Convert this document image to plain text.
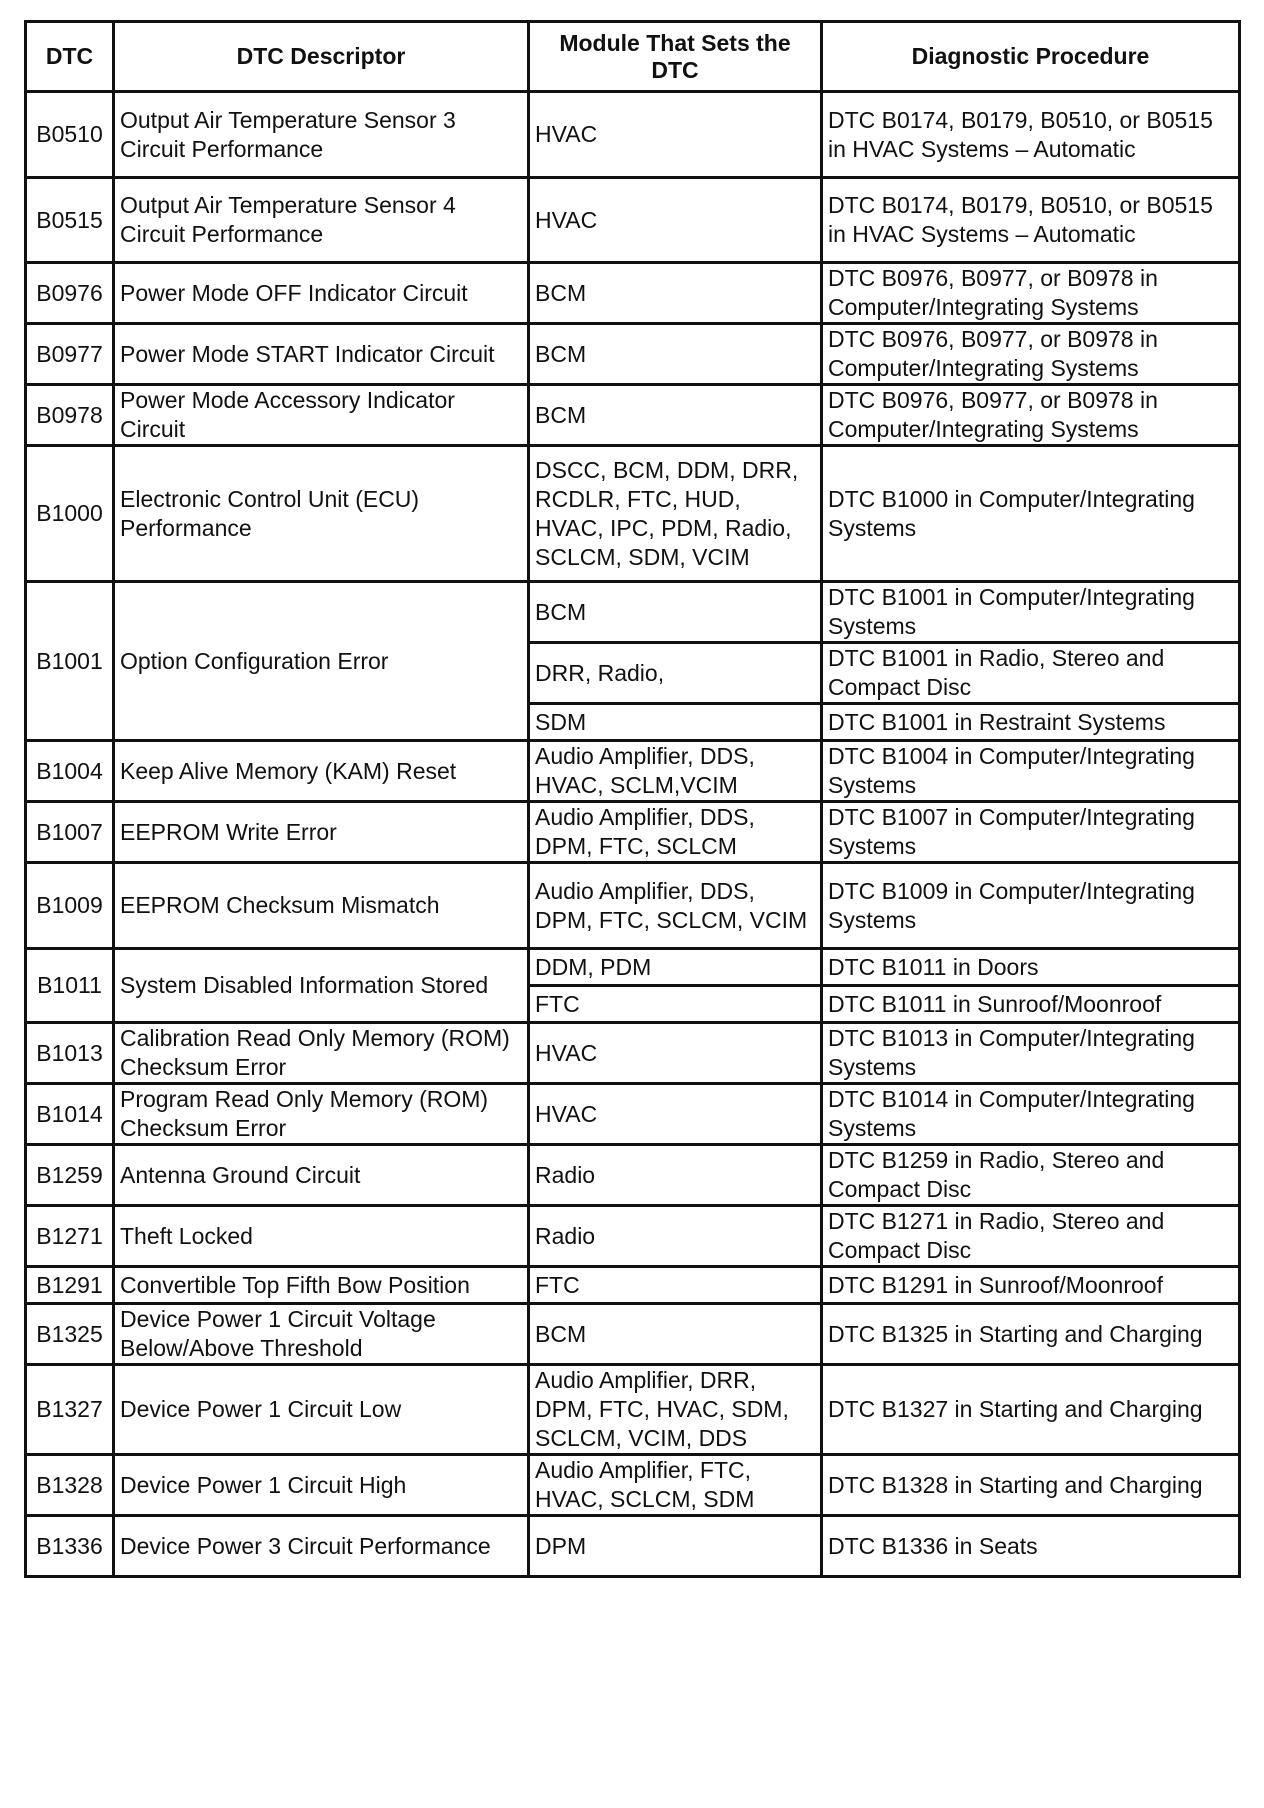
DTC	DTC Descriptor	Module That Sets the DTC	Diagnostic Procedure
B0510	Output Air Temperature Sensor 3 Circuit Performance	HVAC	DTC B0174, B0179, B0510, or B0515 in HVAC Systems – Automatic
B0515	Output Air Temperature Sensor 4 Circuit Performance	HVAC	DTC B0174, B0179, B0510, or B0515 in HVAC Systems – Automatic
B0976	Power Mode OFF Indicator Circuit	BCM	DTC B0976, B0977, or B0978 in Computer/Integrating Systems
B0977	Power Mode START Indicator Circuit	BCM	DTC B0976, B0977, or B0978 in Computer/Integrating Systems
B0978	Power Mode Accessory Indicator Circuit	BCM	DTC B0976, B0977, or B0978 in Computer/Integrating Systems
B1000	Electronic Control Unit (ECU) Performance	DSCC, BCM, DDM, DRR, RCDLR, FTC, HUD, HVAC, IPC, PDM, Radio, SCLCM, SDM, VCIM	DTC B1000 in Computer/Integrating Systems
B1001	Option Configuration Error	BCM	DTC B1001 in Computer/Integrating Systems
		DRR, Radio,	DTC B1001 in Radio, Stereo and Compact Disc
		SDM	DTC B1001 in Restraint Systems
B1004	Keep Alive Memory (KAM) Reset	Audio Amplifier, DDS, HVAC, SCLM,VCIM	DTC B1004 in Computer/Integrating Systems
B1007	EEPROM Write Error	Audio Amplifier, DDS, DPM, FTC, SCLCM	DTC B1007 in Computer/Integrating Systems
B1009	EEPROM Checksum Mismatch	Audio Amplifier, DDS, DPM, FTC, SCLCM, VCIM	DTC B1009 in Computer/Integrating Systems
B1011	System Disabled Information Stored	DDM, PDM	DTC B1011 in Doors
		FTC	DTC B1011 in Sunroof/Moonroof
B1013	Calibration Read Only Memory (ROM) Checksum Error	HVAC	DTC B1013 in Computer/Integrating Systems
B1014	Program Read Only Memory (ROM) Checksum Error	HVAC	DTC B1014 in Computer/Integrating Systems
B1259	Antenna Ground Circuit	Radio	DTC B1259 in Radio, Stereo and Compact Disc
B1271	Theft Locked	Radio	DTC B1271 in Radio, Stereo and Compact Disc
B1291	Convertible Top Fifth Bow Position	FTC	DTC B1291 in Sunroof/Moonroof
B1325	Device Power 1 Circuit Voltage Below/Above Threshold	BCM	DTC B1325 in Starting and Charging
B1327	Device Power 1 Circuit Low	Audio Amplifier, DRR, DPM, FTC, HVAC, SDM, SCLCM, VCIM, DDS	DTC B1327 in Starting and Charging
B1328	Device Power 1 Circuit High	Audio Amplifier, FTC, HVAC, SCLCM, SDM	DTC B1328 in Starting and Charging
B1336	Device Power 3 Circuit Performance	DPM	DTC B1336 in Seats
